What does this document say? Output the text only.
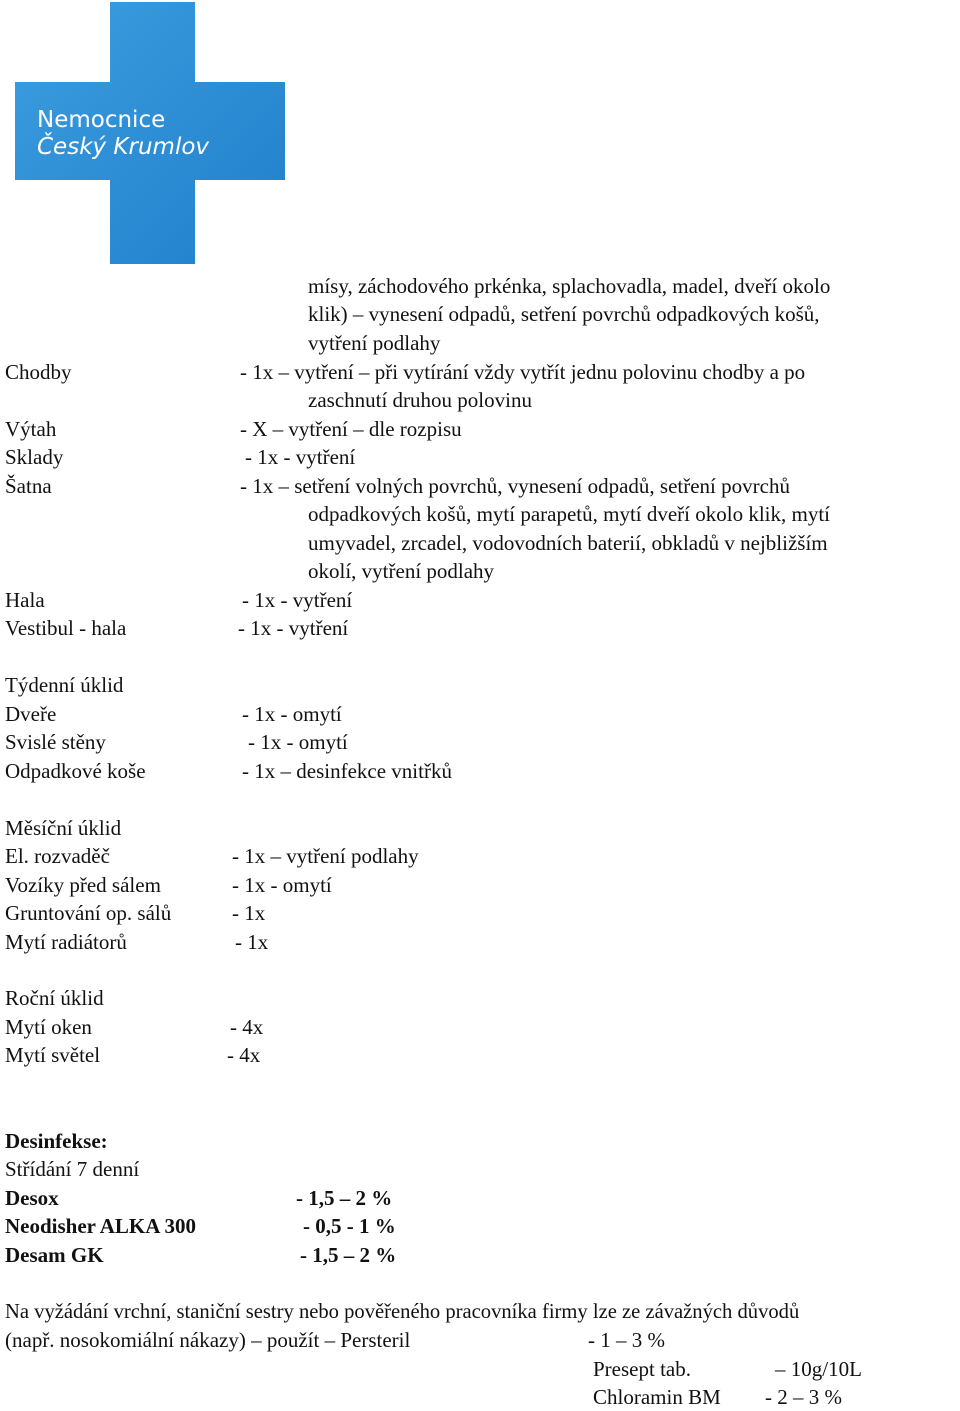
Nemocnice
Český Krumlov
mísy, záchodového prkénka, splachovadla, madel, dveří okolo
klik) – vynesení odpadů, setření povrchů odpadkových košů,
vytření podlahy
Chodby	- 1x – vytření – při vytírání vždy vytřít jednu polovinu chodby a po
zaschnutí druhou polovinu
Výtah	- X – vytření – dle rozpisu
Sklady	- 1x - vytření
Šatna	- 1x – setření volných povrchů, vynesení odpadů, setření povrchů
odpadkových košů, mytí parapetů, mytí dveří okolo klik, mytí
umyvadel, zrcadel, vodovodních baterií, obkladů v nejbližším
okolí, vytření podlahy
Hala	- 1x - vytření
Vestibul - hala	- 1x - vytření
Týdenní úklid
Dveře	- 1x - omytí
Svislé stěny	- 1x - omytí
Odpadkové koše	- 1x – desinfekce vnitřků
Měsíční úklid
El. rozvaděč	- 1x – vytření podlahy
Vozíky před sálem	- 1x - omytí
Gruntování op. sálů	- 1x
Mytí radiátorů	- 1x
Roční úklid
Mytí oken	- 4x
Mytí světel	- 4x
Desinfekse:
Střídání 7 denní
Desox	- 1,5 – 2 %
Neodisher ALKA 300	- 0,5 - 1 %
Desam GK	- 1,5 – 2 %
Na vyžádání vrchní, staniční sestry nebo pověřeného pracovníka firmy lze ze závažných důvodů
(např. nosokomiální nákazy) – použít – Persteril	- 1 – 3 %
Presept tab.	– 10g/10L
Chloramin BM - 2 – 3 %
